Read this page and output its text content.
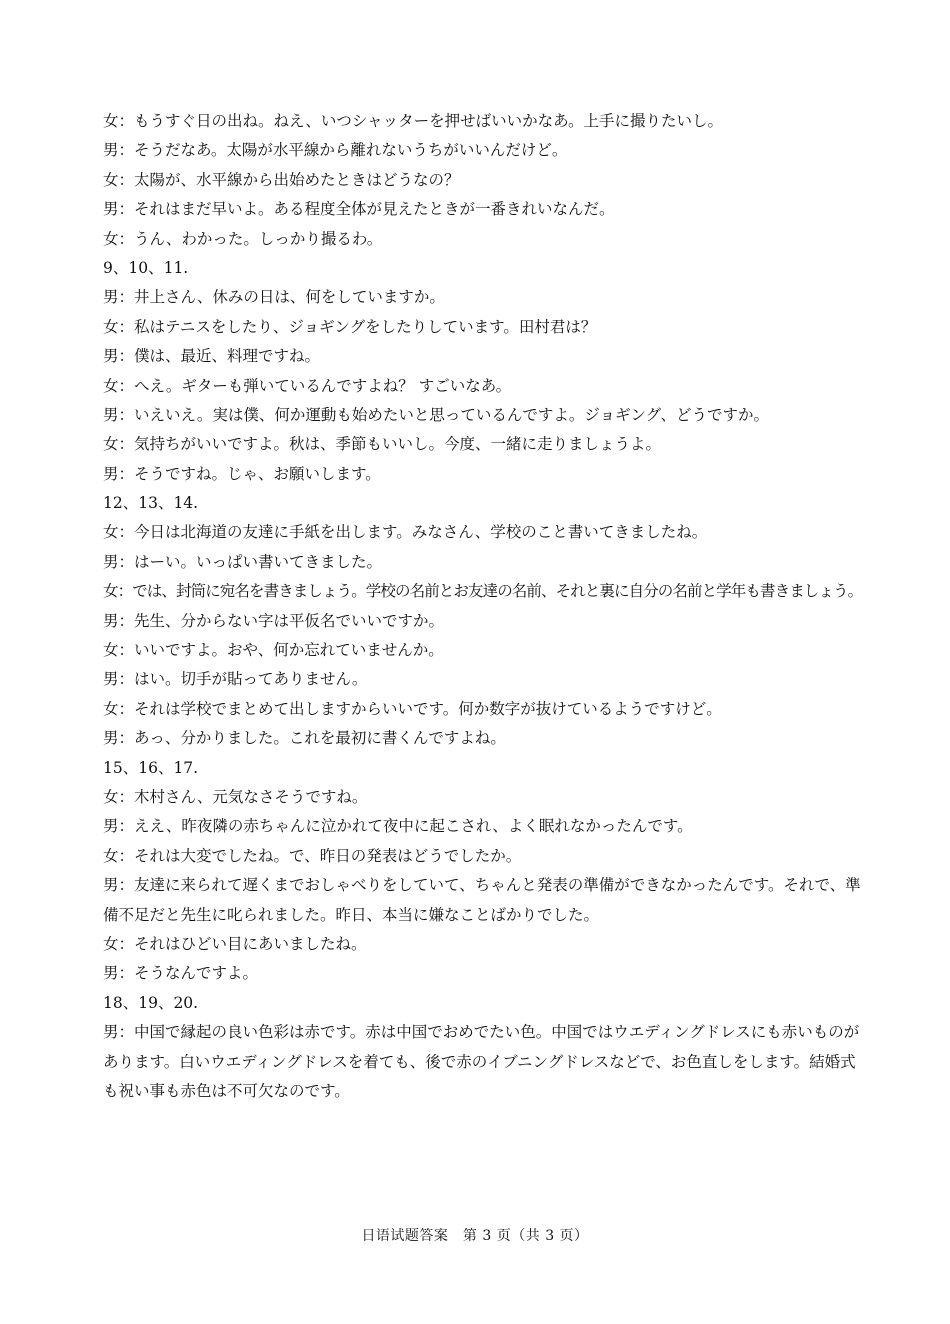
女：もうすぐ日の出ね。ねえ、いつシャッターを押せばいいかなあ。上手に撮りたいし。
男：そうだなあ。太陽が水平線から離れないうちがいいんだけど。
女：太陽が、水平線から出始めたときはどうなの？
男：それはまだ早いよ。ある程度全体が見えたときが一番きれいなんだ。
女：うん、わかった。しっかり撮るわ。
9、10、11.
男：井上さん、休みの日は、何をしていますか。
女：私はテニスをしたり、ジョギングをしたりしています。田村君は？
男：僕は、最近、料理ですね。
女：へえ。ギターも弾いているんですよね？ すごいなあ。
男：いえいえ。実は僕、何か運動も始めたいと思っているんですよ。ジョギング、どうですか。
女：気持ちがいいですよ。秋は、季節もいいし。今度、一緒に走りましょうよ。
男：そうですね。じゃ、お願いします。
12、13、14.
女：今日は北海道の友達に手紙を出します。みなさん、学校のこと書いてきましたね。
男：はーい。いっぱい書いてきました。
女：では、封筒に宛名を書きましょう。学校の名前とお友達の名前、それと裏に自分の名前と学年も書きましょう。
男：先生、分からない字は平仮名でいいですか。
女：いいですよ。おや、何か忘れていませんか。
男：はい。切手が貼ってありません。
女：それは学校でまとめて出しますからいいです。何か数字が抜けているようですけど。
男：あっ、分かりました。これを最初に書くんですよね。
15、16、17.
女：木村さん、元気なさそうですね。
男：ええ、昨夜隣の赤ちゃんに泣かれて夜中に起こされ、よく眠れなかったんです。
女：それは大変でしたね。で、昨日の発表はどうでしたか。
男：友達に来られて遅くまでおしゃべりをしていて、ちゃんと発表の準備ができなかったんです。それで、準備不足だと先生に叱られました。昨日、本当に嫌なことばかりでした。
女：それはひどい目にあいましたね。
男：そうなんですよ。
18、19、20.
男：中国で縁起の良い色彩は赤です。赤は中国でおめでたい色。中国ではウエディングドレスにも赤いものがあります。白いウエディングドレスを着ても、後で赤のイブニングドレスなどで、お色直しをします。結婚式も祝い事も赤色は不可欠なのです。
日语试题答案　第 3 页（共 3 页）
